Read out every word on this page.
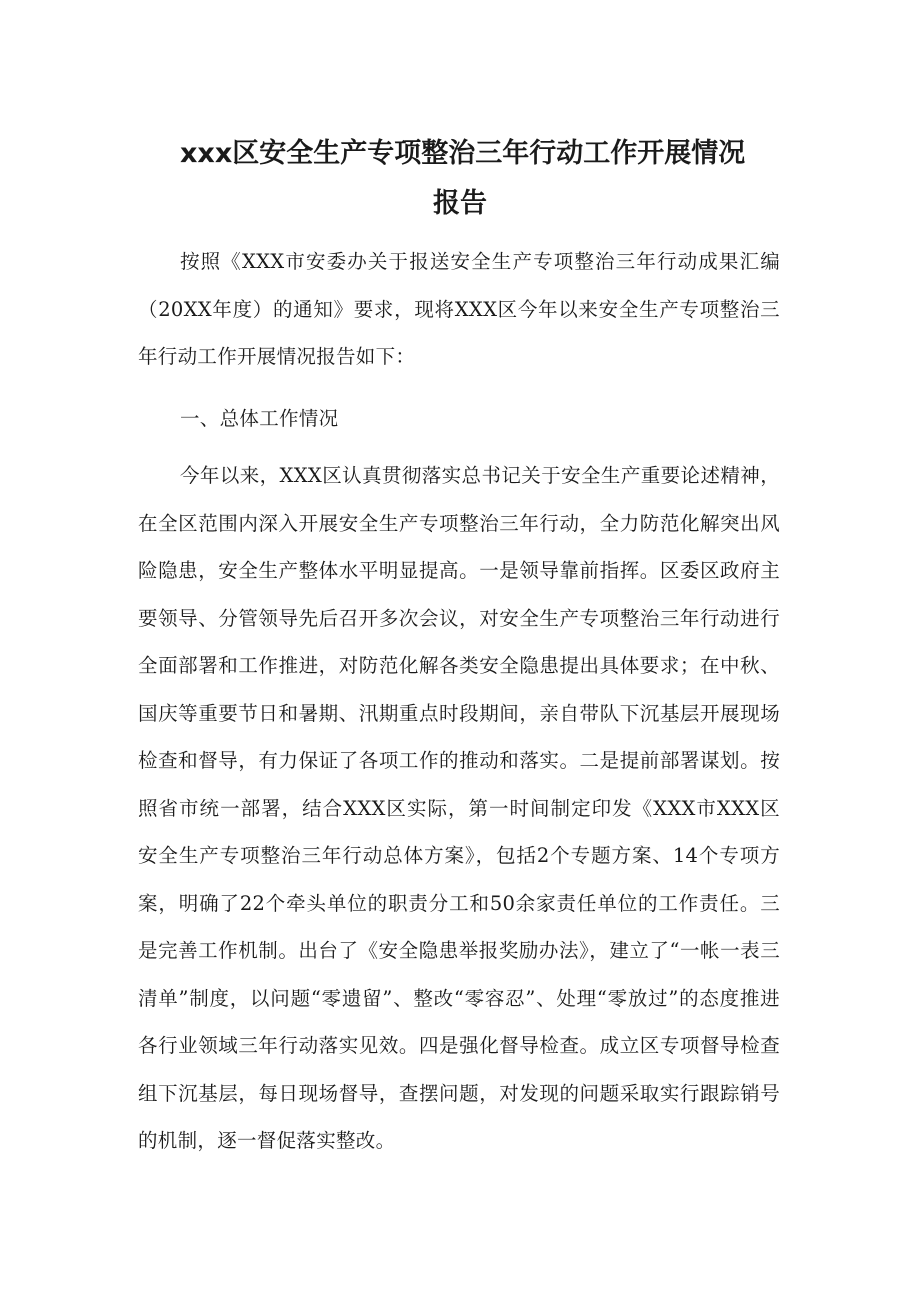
xxx区安全生产专项整治三年行动工作开展情况
报告

按照《XXX市安委办关于报送安全生产专项整治三年行动成果汇编（20XX年度）的通知》要求，现将XXX区今年以来安全生产专项整治三年行动工作开展情况报告如下：

一、总体工作情况

今年以来，XXX区认真贯彻落实总书记关于安全生产重要论述精神，在全区范围内深入开展安全生产专项整治三年行动，全力防范化解突出风险隐患，安全生产整体水平明显提高。一是领导靠前指挥。区委区政府主要领导、分管领导先后召开多次会议，对安全生产专项整治三年行动进行全面部署和工作推进，对防范化解各类安全隐患提出具体要求；在中秋、国庆等重要节日和暑期、汛期重点时段期间，亲自带队下沉基层开展现场检查和督导，有力保证了各项工作的推动和落实。二是提前部署谋划。按照省市统一部署，结合XXX区实际，第一时间制定印发《XXX市XXX区安全生产专项整治三年行动总体方案》，包括2个专题方案、14个专项方案，明确了22个牵头单位的职责分工和50余家责任单位的工作责任。三是完善工作机制。出台了《安全隐患举报奖励办法》，建立了“一帐一表三清单”制度，以问题“零遗留”、整改“零容忍”、处理“零放过”的态度推进各行业领域三年行动落实见效。四是强化督导检查。成立区专项督导检查组下沉基层，每日现场督导，查摆问题，对发现的问题采取实行跟踪销号的机制，逐一督促落实整改。
